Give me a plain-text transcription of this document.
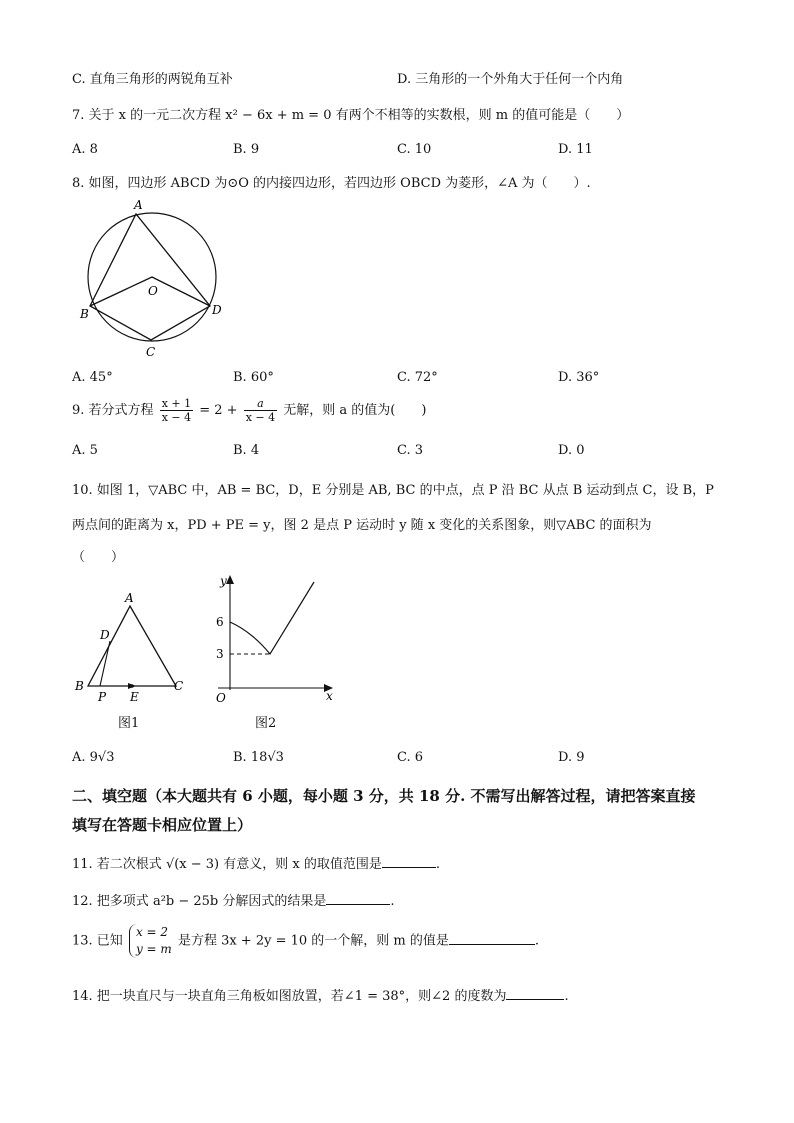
C. 直角三角形的两锐角互补	D. 三角形的一个外角大于任何一个内角
7. 关于 x 的一元二次方程 x² − 6x + m = 0 有两个不相等的实数根，则 m 的值可能是（　　）
A. 8	B. 9	C. 10	D. 11
8. 如图，四边形 ABCD 为⊙O 的内接四边形，若四边形 OBCD 为菱形，∠A 为（　　）.
A
B
C
D
O
A. 45°	B. 60°	C. 72°	D. 36°
9. 若分式方程 $\frac{x + 1}{x - 4} = 2 + \frac{a}{x - 4}$ 无解，则 a 的值为(　　)
A. 5	B. 4	C. 3	D. 0
10. 如图 1，▽ABC 中，AB = BC，D，E 分别是 AB, BC 的中点，点 P 沿 BC 从点 B 运动到点 C，设 B，P
两点间的距离为 x，PD + PE = y，图 2 是点 P 运动时 y 随 x 变化的关系图象，则▽ABC 的面积为
（　　）
A
D
B
P E
C
图1
y
6
3
O	x
图2
A. 9√3	B. 18√3	C. 6	D. 9
二、填空题（本大题共有 6 小题，每小题 3 分，共 18 分. 不需写出解答过程，请把答案直接
填写在答题卡相应位置上）
11. 若二次根式 √(x − 3) 有意义，则 x 的取值范围是	.
12. 把多项式 a²b − 25b 分解因式的结果是	.
13. 已知
x = 2
y = m
是方程 3x + 2y = 10 的一个解，则 m 的值是	.
14. 把一块直尺与一块直角三角板如图放置，若∠1 = 38°，则∠2 的度数为	.
